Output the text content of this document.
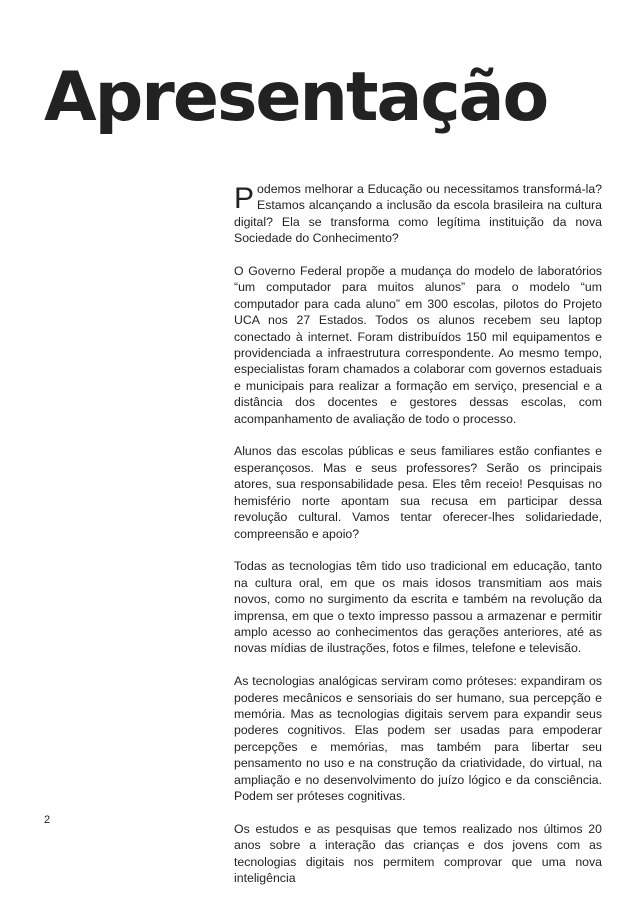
Apresentação

Podemos melhorar a Educação ou necessitamos transformá-la? Estamos alcançando a inclusão da escola brasileira na cultura digital? Ela se transforma como legítima instituição da nova Sociedade do Conhecimento?

O Governo Federal propõe a mudança do modelo de laboratórios “um computador para muitos alunos” para o modelo “um computador para cada aluno” em 300 escolas, pilotos do Projeto UCA nos 27 Estados. Todos os alunos recebem seu laptop conectado à internet. Foram distribuídos 150 mil equipamentos e providenciada a infraestrutura correspondente. Ao mesmo tempo, especialistas foram chamados a colaborar com governos estaduais e municipais para realizar a formação em serviço, presencial e a distância dos docentes e gestores dessas escolas, com acompanhamento de avaliação de todo o processo.

Alunos das escolas públicas e seus familiares estão confiantes e esperançosos. Mas e seus professores? Serão os principais atores, sua responsabilidade pesa. Eles têm receio! Pesquisas no hemisfério norte apontam sua recusa em participar dessa revolução cultural. Vamos tentar oferecer-lhes solidariedade, compreensão e apoio?

Todas as tecnologias têm tido uso tradicional em educação, tanto na cultura oral, em que os mais idosos transmitiam aos mais novos, como no surgimento da escrita e também na revolução da imprensa, em que o texto impresso passou a armazenar e permitir amplo acesso ao conhecimentos das gerações anteriores, até as novas mídias de ilustrações, fotos e filmes, telefone e televisão.

As tecnologias analógicas serviram como próteses: expandiram os poderes mecânicos e sensoriais do ser humano, sua percepção e memória. Mas as tecnologias digitais servem para expandir seus poderes cognitivos. Elas podem ser usadas para empoderar percepções e memórias, mas também para libertar seu pensamento no uso e na construção da criatividade, do virtual, na ampliação e no desenvolvimento do juízo lógico e da consciência. Podem ser próteses cognitivas.

Os estudos e as pesquisas que temos realizado nos últimos 20 anos sobre a interação das crianças e dos jovens com as tecnologias digitais nos permitem comprovar que uma nova inteligência

2
